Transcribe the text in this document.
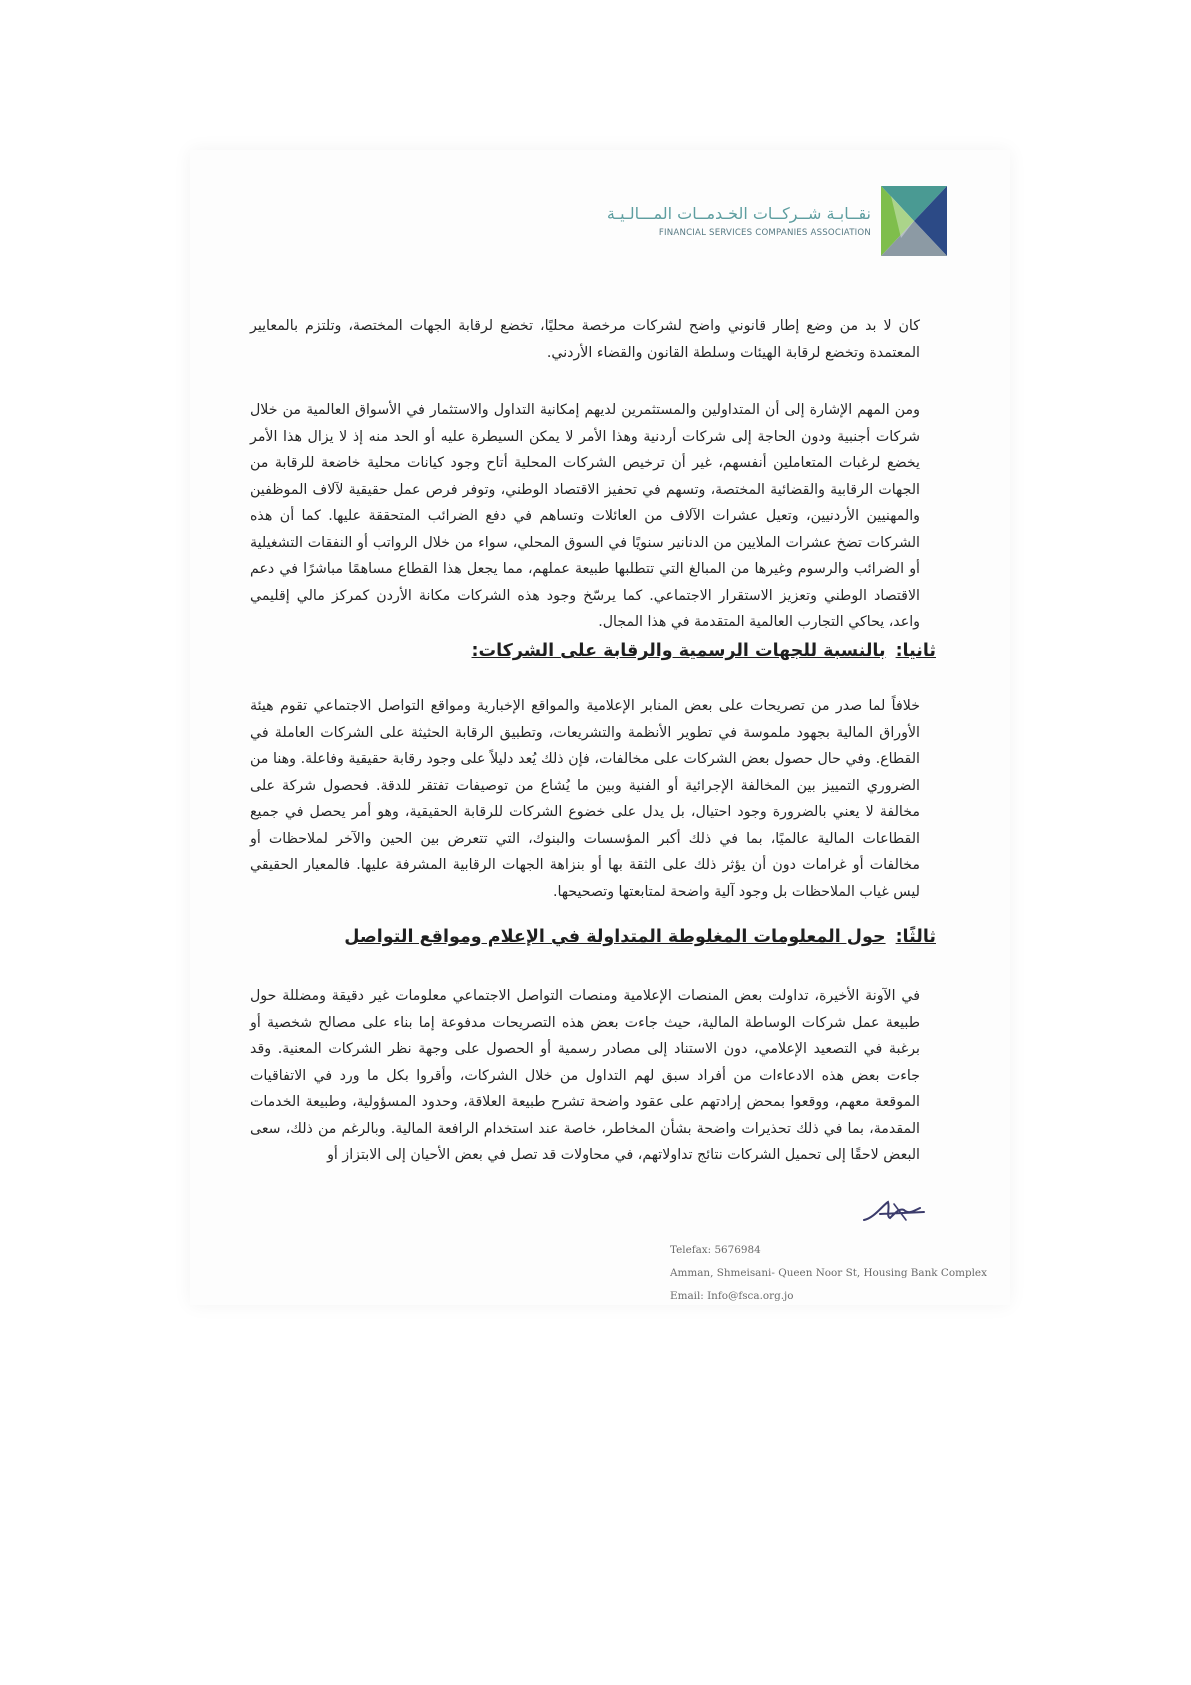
نقــابـة شــركــات الخـدمــات المـــالـيـة
FINANCIAL SERVICES COMPANIES ASSOCIATION

كان لا بد من وضع إطار قانوني واضح لشركات مرخصة محليًا، تخضع لرقابة الجهات المختصة، وتلتزم بالمعايير المعتمدة وتخضع لرقابة الهيئات وسلطة القانون والقضاء الأردني.

ومن المهم الإشارة إلى أن المتداولين والمستثمرين لديهم إمكانية التداول والاستثمار في الأسواق العالمية من خلال شركات أجنبية ودون الحاجة إلى شركات أردنية وهذا الأمر لا يمكن السيطرة عليه أو الحد منه إذ لا يزال هذا الأمر يخضع لرغبات المتعاملين أنفسهم، غير أن ترخيص الشركات المحلية أتاح وجود كيانات محلية خاضعة للرقابة من الجهات الرقابية والقضائية المختصة، وتسهم في تحفيز الاقتصاد الوطني، وتوفر فرص عمل حقيقية لآلاف الموظفين والمهنيين الأردنيين، وتعيل عشرات الآلاف من العائلات وتساهم في دفع الضرائب المتحققة عليها. كما أن هذه الشركات تضخ عشرات الملايين من الدنانير سنويًا في السوق المحلي، سواء من خلال الرواتب أو النفقات التشغيلية أو الضرائب والرسوم وغيرها من المبالغ التي تتطلبها طبيعة عملهم، مما يجعل هذا القطاع مساهمًا مباشرًا في دعم الاقتصاد الوطني وتعزيز الاستقرار الاجتماعي. كما يرسّخ وجود هذه الشركات مكانة الأردن كمركز مالي إقليمي واعد، يحاكي التجارب العالمية المتقدمة في هذا المجال.

ثانيا:بالنسبة للجهات الرسمية والرقابة على الشركات:

خلافاً لما صدر من تصريحات على بعض المنابر الإعلامية والمواقع الإخبارية ومواقع التواصل الاجتماعي تقوم هيئة الأوراق المالية بجهود ملموسة في تطوير الأنظمة والتشريعات، وتطبيق الرقابة الحثيثة على الشركات العاملة في القطاع. وفي حال حصول بعض الشركات على مخالفات، فإن ذلك يُعد دليلاً على وجود رقابة حقيقية وفاعلة. وهنا من الضروري التمييز بين المخالفة الإجرائية أو الفنية وبين ما يُشاع من توصيفات تفتقر للدقة. فحصول شركة على مخالفة لا يعني بالضرورة وجود احتيال، بل يدل على خضوع الشركات للرقابة الحقيقية، وهو أمر يحصل في جميع القطاعات المالية عالميًا، بما في ذلك أكبر المؤسسات والبنوك، التي تتعرض بين الحين والآخر لملاحظات أو مخالفات أو غرامات دون أن يؤثر ذلك على الثقة بها أو بنزاهة الجهات الرقابية المشرفة عليها. فالمعيار الحقيقي ليس غياب الملاحظات بل وجود آلية واضحة لمتابعتها وتصحيحها.

ثالثًا:حول المعلومات المغلوطة المتداولة في الإعلام ومواقع التواصل

في الآونة الأخيرة، تداولت بعض المنصات الإعلامية ومنصات التواصل الاجتماعي معلومات غير دقيقة ومضللة حول طبيعة عمل شركات الوساطة المالية، حيث جاءت بعض هذه التصريحات مدفوعة إما بناء على مصالح شخصية أو برغبة في التصعيد الإعلامي، دون الاستناد إلى مصادر رسمية أو الحصول على وجهة نظر الشركات المعنية. وقد جاءت بعض هذه الادعاءات من أفراد سبق لهم التداول من خلال الشركات، وأقروا بكل ما ورد في الاتفاقيات الموقعة معهم، ووقعوا بمحض إرادتهم على عقود واضحة تشرح طبيعة العلاقة، وحدود المسؤولية، وطبيعة الخدمات المقدمة، بما في ذلك تحذيرات واضحة بشأن المخاطر، خاصة عند استخدام الرافعة المالية. وبالرغم من ذلك، سعى البعض لاحقًا إلى تحميل الشركات نتائج تداولاتهم، في محاولات قد تصل في بعض الأحيان إلى الابتزاز أو

Telefax: 5676984
Amman, Shmeisani- Queen Noor St, Housing Bank Complex
Email: Info@fsca.org.jo
